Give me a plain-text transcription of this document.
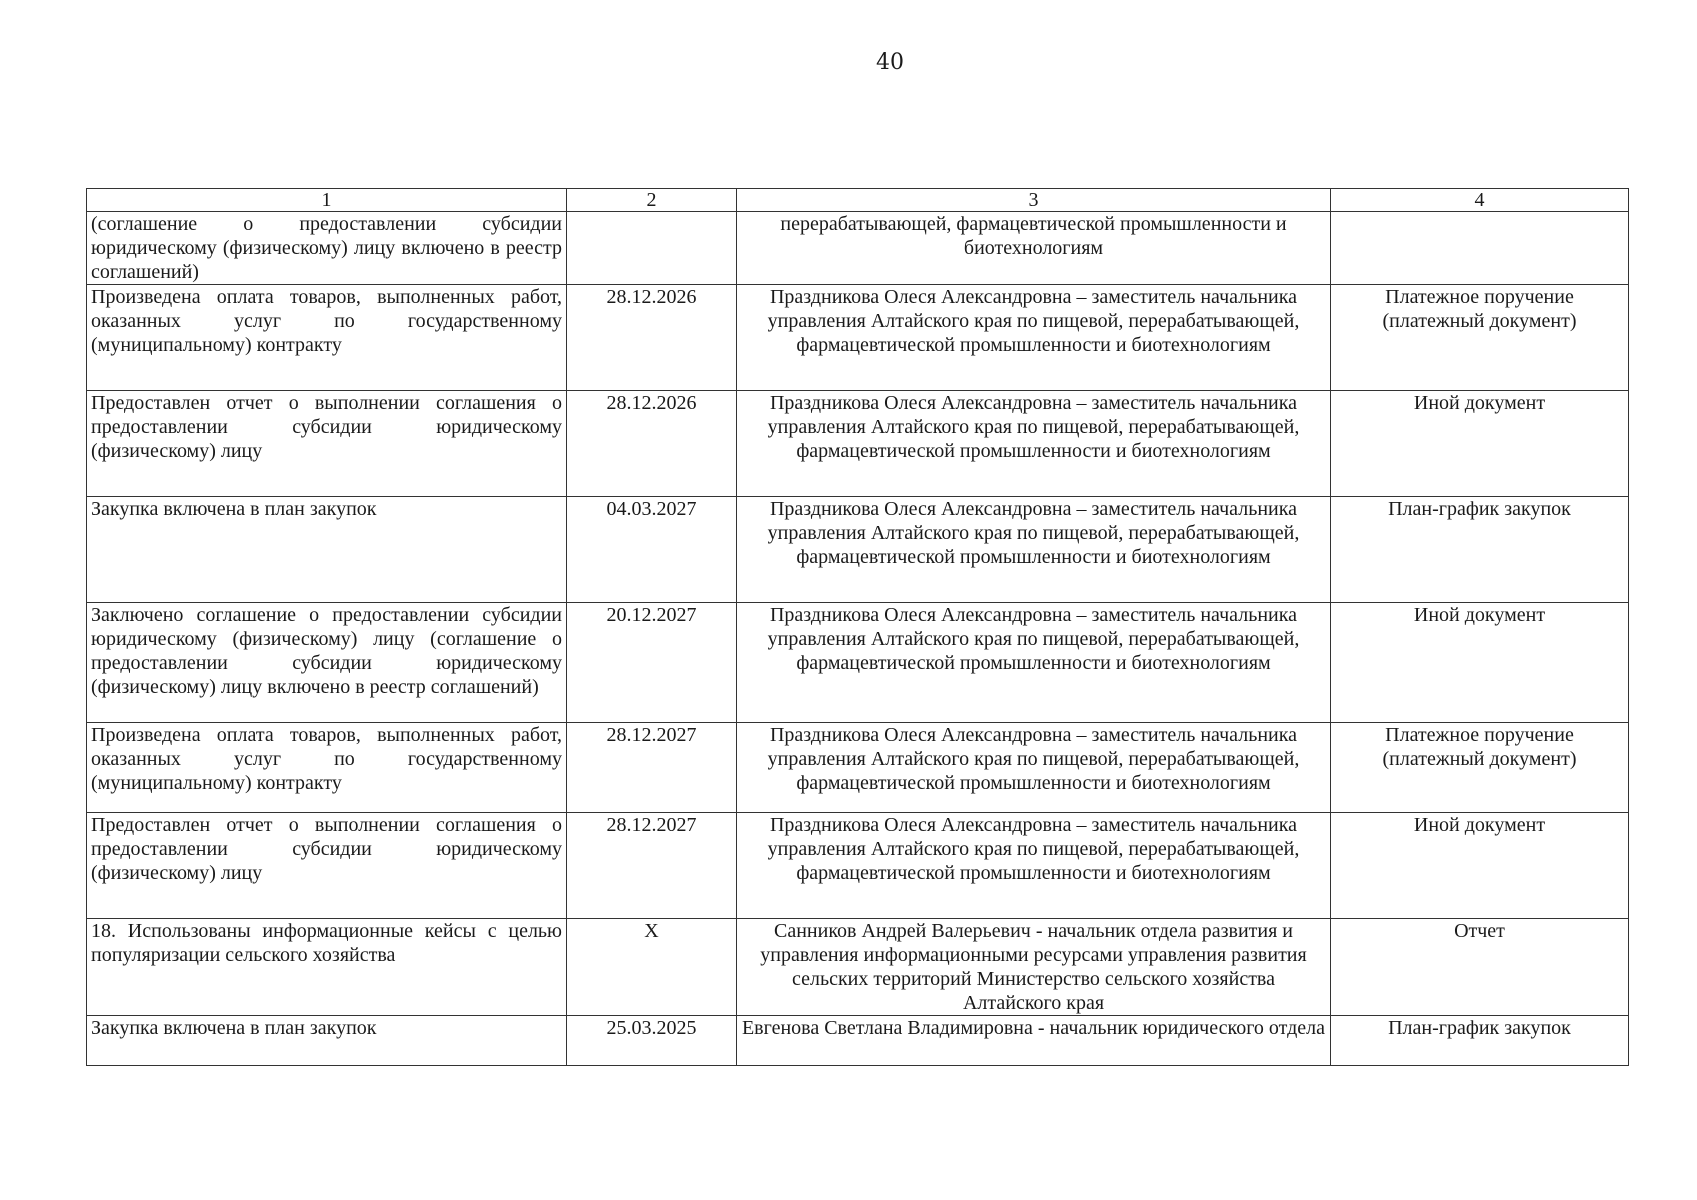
40
1	2	3	4
(соглашение о предоставлении субсидии юридическому (физическому) лицу включено в реестр соглашений)		перерабатывающей, фармацевтической промышленности и биотехнологиям	
Произведена оплата товаров, выполненных работ, оказанных услуг по государственному (муниципальному) контракту	28.12.2026	Праздникова Олеся Александровна – заместитель начальника управления Алтайского края по пищевой, перерабатывающей, фармацевтической промышленности и биотехнологиям	Платежное поручение (платежный документ)
Предоставлен отчет о выполнении соглашения о предоставлении субсидии юридическому (физическому) лицу	28.12.2026	Праздникова Олеся Александровна – заместитель начальника управления Алтайского края по пищевой, перерабатывающей, фармацевтической промышленности и биотехнологиям	Иной документ
Закупка включена в план закупок	04.03.2027	Праздникова Олеся Александровна – заместитель начальника управления Алтайского края по пищевой, перерабатывающей, фармацевтической промышленности и биотехнологиям	План-график закупок
Заключено соглашение о предоставлении субсидии юридическому (физическому) лицу (соглашение о предоставлении субсидии юридическому (физическому) лицу включено в реестр соглашений)	20.12.2027	Праздникова Олеся Александровна – заместитель начальника управления Алтайского края по пищевой, перерабатывающей, фармацевтической промышленности и биотехнологиям	Иной документ
Произведена оплата товаров, выполненных работ, оказанных услуг по государственному (муниципальному) контракту	28.12.2027	Праздникова Олеся Александровна – заместитель начальника управления Алтайского края по пищевой, перерабатывающей, фармацевтической промышленности и биотехнологиям	Платежное поручение (платежный документ)
Предоставлен отчет о выполнении соглашения о предоставлении субсидии юридическому (физическому) лицу	28.12.2027	Праздникова Олеся Александровна – заместитель начальника управления Алтайского края по пищевой, перерабатывающей, фармацевтической промышленности и биотехнологиям	Иной документ
18. Использованы информационные кейсы с целью популяризации сельского хозяйства	X	Санников Андрей Валерьевич - начальник отдела развития и управления информационными ресурсами управления развития сельских территорий Министерство сельского хозяйства Алтайского края	Отчет
Закупка включена в план закупок	25.03.2025	Евгенова Светлана Владимировна - начальник юридического отдела	План-график закупок
